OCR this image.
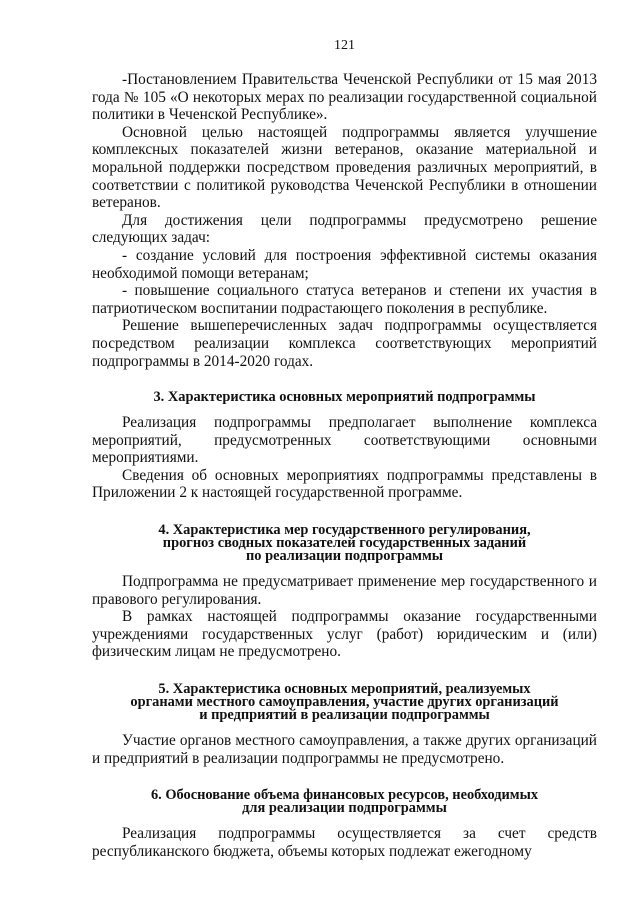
121

-Постановлением Правительства Чеченской Республики от 15 мая 2013 года № 105 «О некоторых мерах по реализации государственной социальной политики в Чеченской Республике».

Основной целью настоящей подпрограммы является улучшение комплексных показателей жизни ветеранов, оказание материальной и моральной поддержки посредством проведения различных мероприятий, в соответствии с политикой руководства Чеченской Республики в отношении ветеранов.

Для достижения цели подпрограммы предусмотрено решение следующих задач:

- создание условий для построения эффективной системы оказания необходимой помощи ветеранам;

- повышение социального статуса ветеранов и степени их участия в патриотическом воспитании подрастающего поколения в республике.

Решение вышеперечисленных задач подпрограммы осуществляется посредством реализации комплекса соответствующих мероприятий подпрограммы в 2014-2020 годах.

3. Характеристика основных мероприятий подпрограммы

Реализация подпрограммы предполагает выполнение комплекса мероприятий, предусмотренных соответствующими основными мероприятиями.

Сведения об основных мероприятиях подпрограммы представлены в Приложении 2 к настоящей государственной программе.

4. Характеристика мер государственного регулирования,
прогноз сводных показателей государственных заданий
по реализации подпрограммы

Подпрограмма не предусматривает применение мер государственного и правового регулирования.

В рамках настоящей подпрограммы оказание государственными учреждениями государственных услуг (работ) юридическим и (или) физическим лицам не предусмотрено.

5. Характеристика основных мероприятий, реализуемых
органами местного самоуправления, участие других организаций
и предприятий в реализации подпрограммы

Участие органов местного самоуправления, а также других организаций и предприятий в реализации подпрограммы не предусмотрено.

6. Обоснование объема финансовых ресурсов, необходимых
для реализации подпрограммы

Реализация подпрограммы осуществляется за счет средств республиканского бюджета, объемы которых подлежат ежегодному
